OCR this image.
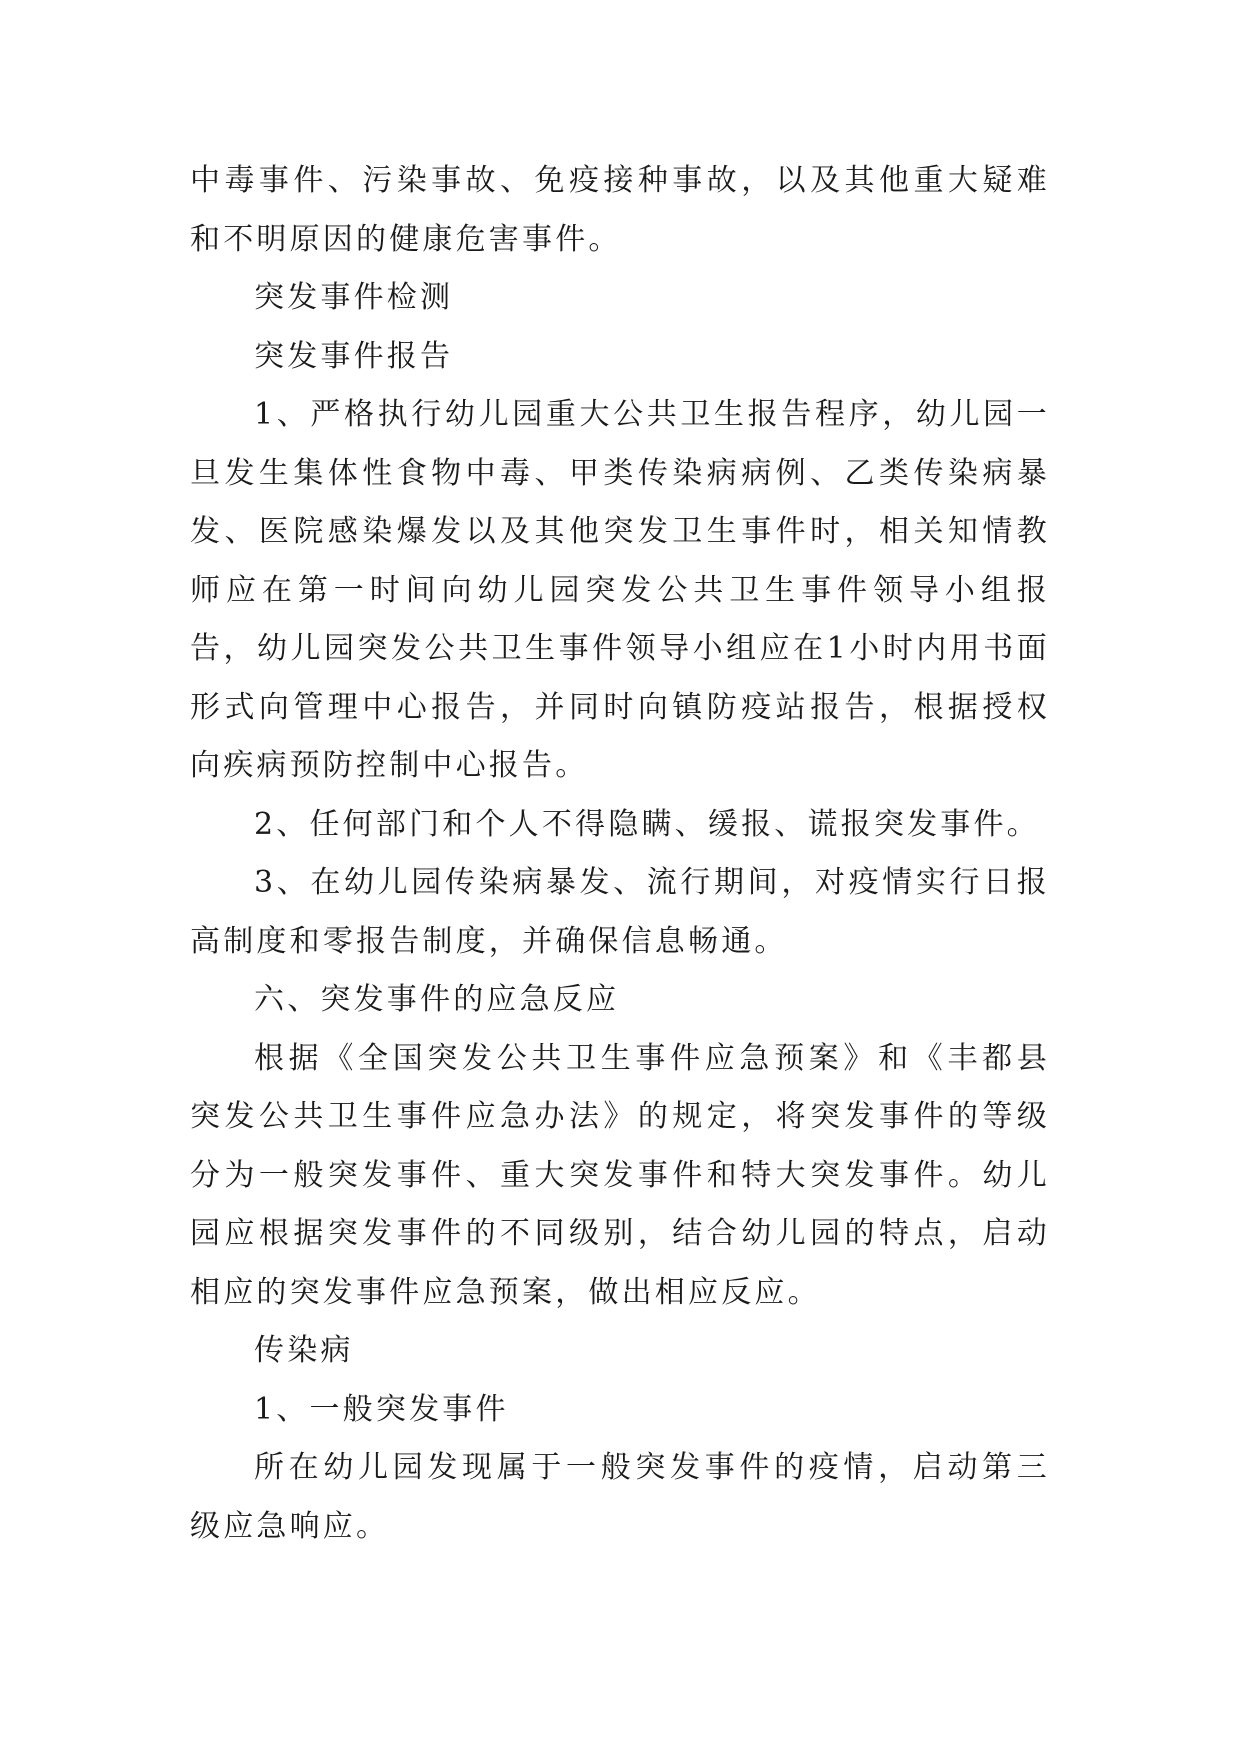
中毒事件、污染事故、免疫接种事故，以及其他重大疑难和不明原因的健康危害事件。

突发事件检测

突发事件报告

1、严格执行幼儿园重大公共卫生报告程序，幼儿园一旦发生集体性食物中毒、甲类传染病病例、乙类传染病暴发、医院感染爆发以及其他突发卫生事件时，相关知情教师应在第一时间向幼儿园突发公共卫生事件领导小组报告，幼儿园突发公共卫生事件领导小组应在1小时内用书面形式向管理中心报告，并同时向镇防疫站报告，根据授权向疾病预防控制中心报告。

2、任何部门和个人不得隐瞒、缓报、谎报突发事件。

3、在幼儿园传染病暴发、流行期间，对疫情实行日报高制度和零报告制度，并确保信息畅通。

六、突发事件的应急反应

根据《全国突发公共卫生事件应急预案》和《丰都县突发公共卫生事件应急办法》的规定，将突发事件的等级分为一般突发事件、重大突发事件和特大突发事件。幼儿园应根据突发事件的不同级别，结合幼儿园的特点，启动相应的突发事件应急预案，做出相应反应。

传染病

1、一般突发事件

所在幼儿园发现属于一般突发事件的疫情，启动第三级应急响应。
